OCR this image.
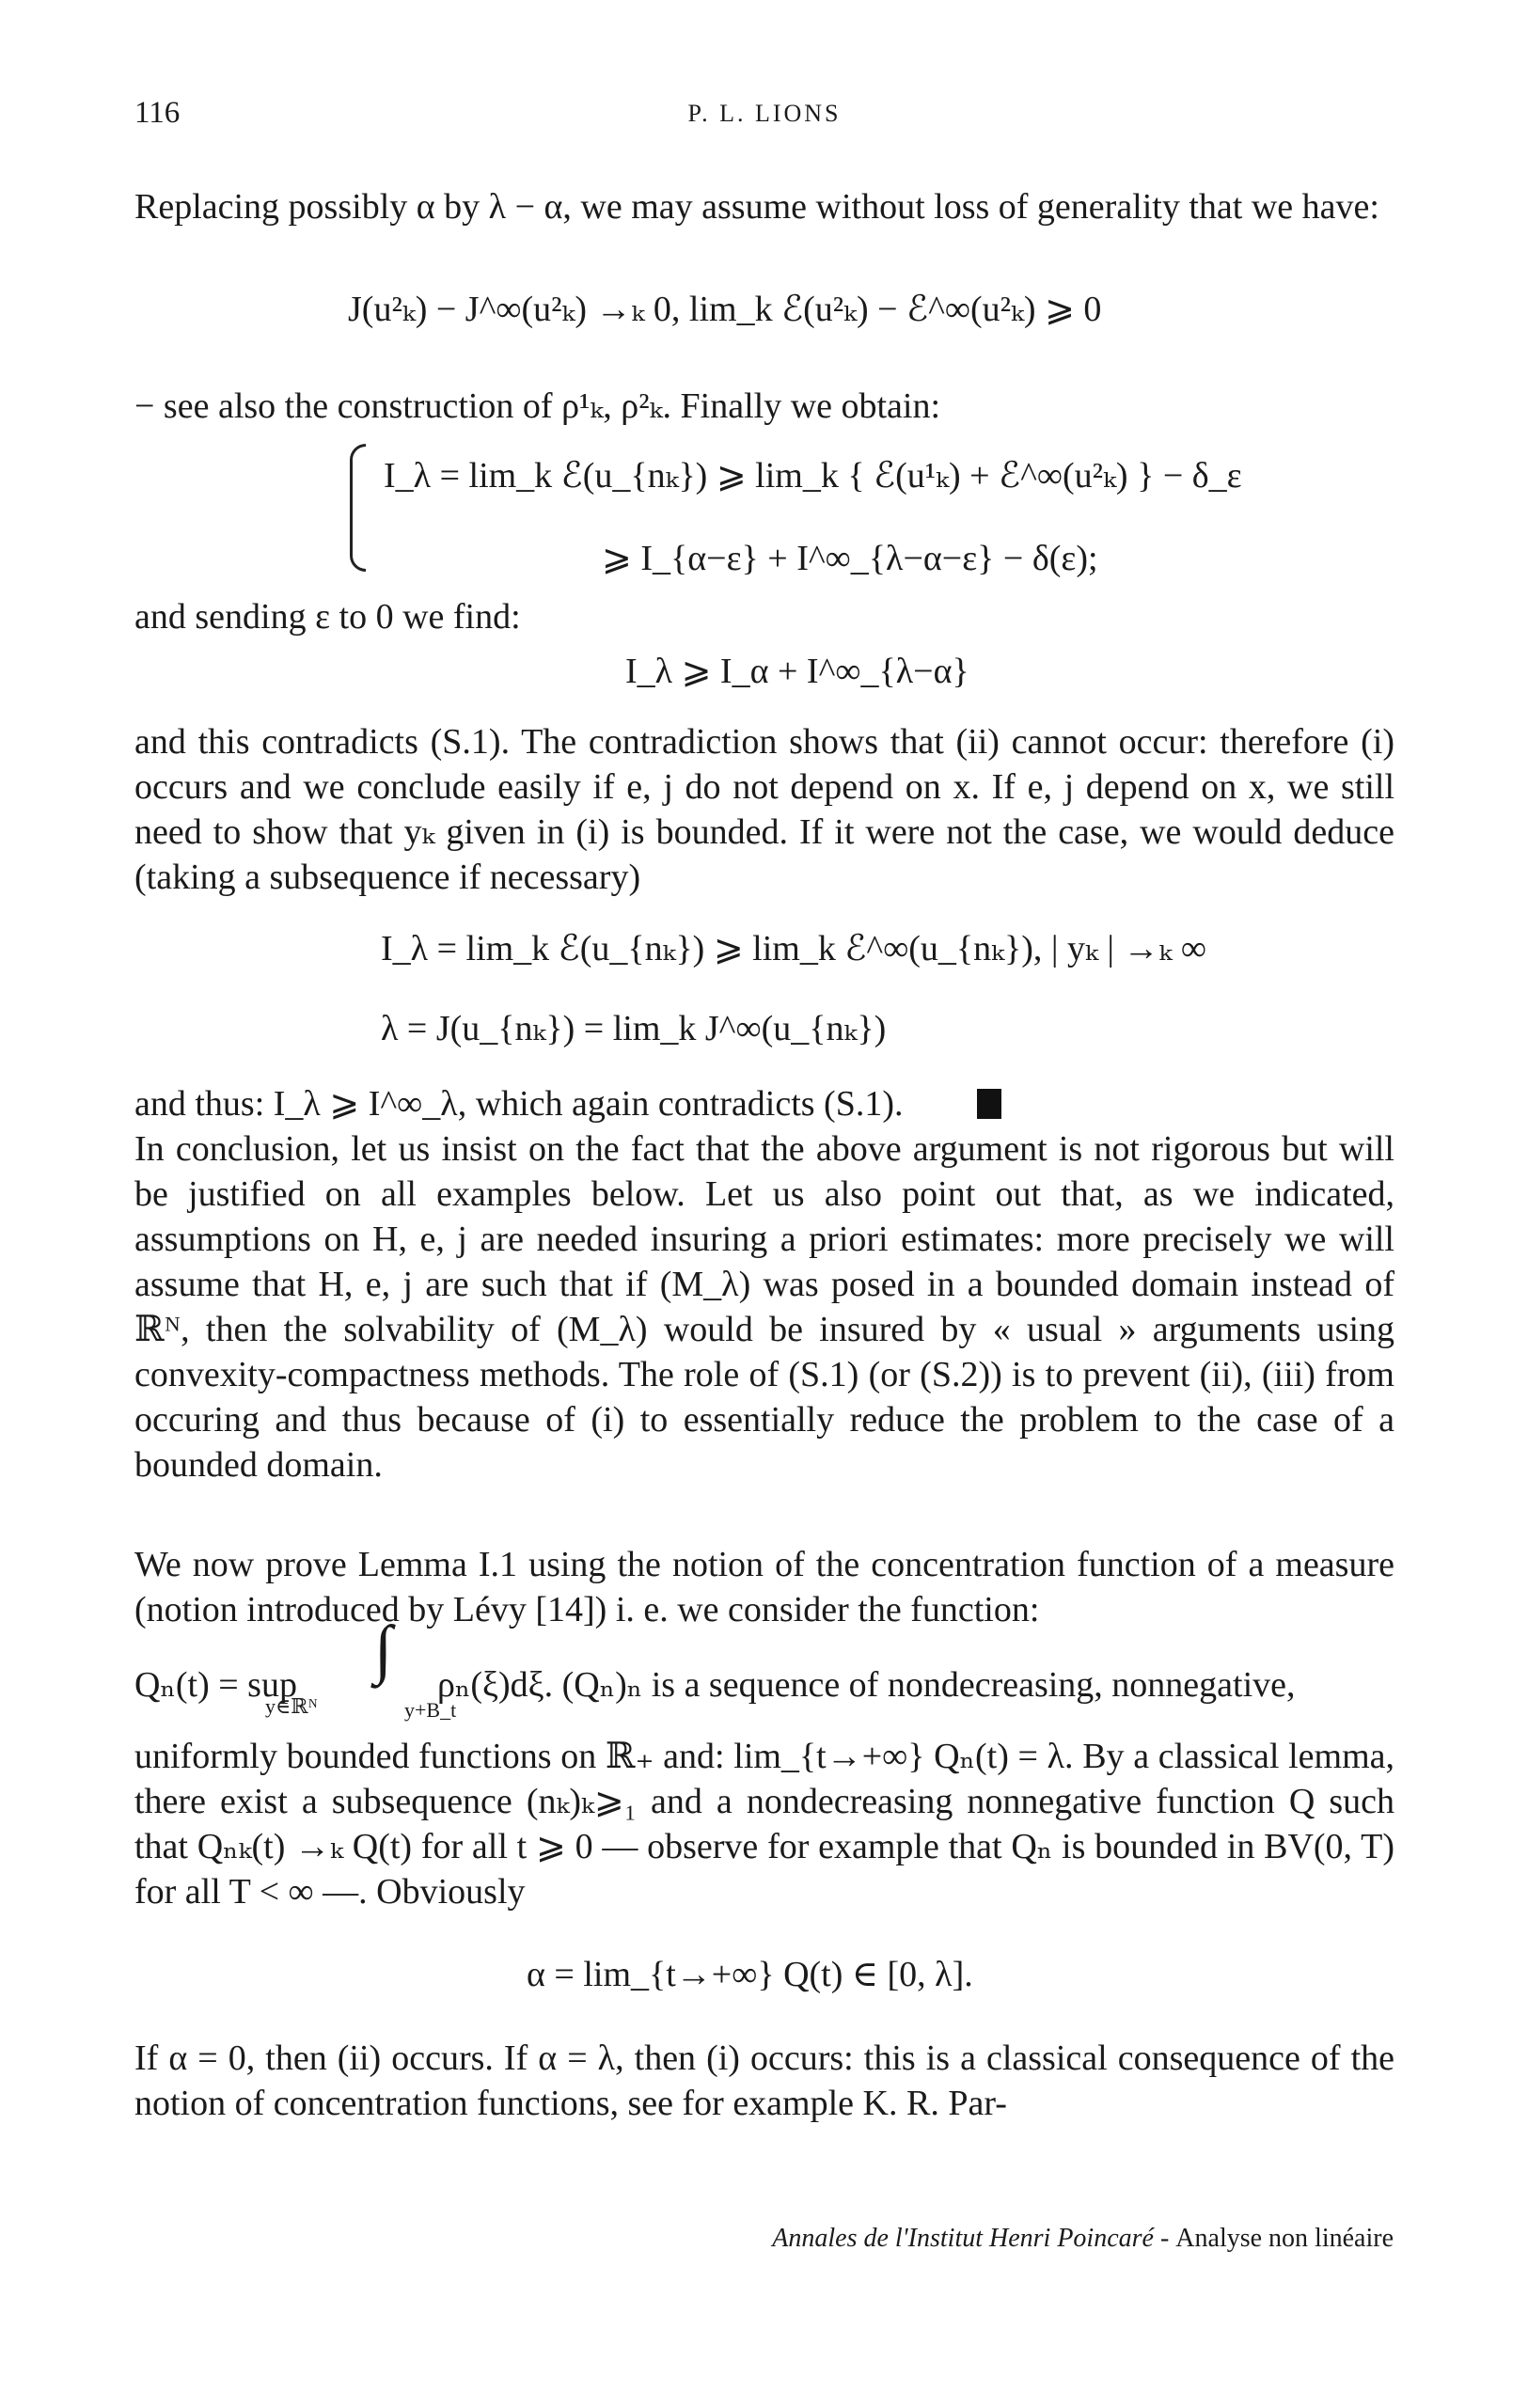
116	P. L. LIONS
Replacing possibly α by λ − α, we may assume without loss of generality that we have:
J(u²ₖ) − J^∞(u²ₖ) →ₖ 0, lim_k ℰ(u²ₖ) − ℰ^∞(u²ₖ) ⩾ 0
− see also the construction of ρ¹ₖ, ρ²ₖ. Finally we obtain:
I_λ = lim_k ℰ(u_{nₖ}) ⩾ lim_k { ℰ(u¹ₖ) + ℰ^∞(u²ₖ) } − δ_ε
⩾ I_{α−ε} + I^∞_{λ−α−ε} − δ(ε);
and sending ε to 0 we find:
I_λ ⩾ I_α + I^∞_{λ−α}
and this contradicts (S.1). The contradiction shows that (ii) cannot occur: therefore (i) occurs and we conclude easily if e, j do not depend on x. If e, j depend on x, we still need to show that yₖ given in (i) is bounded. If it were not the case, we would deduce (taking a subsequence if necessary)
I_λ = lim_k ℰ(u_{nₖ}) ⩾ lim_k ℰ^∞(u_{nₖ}), | yₖ | →ₖ ∞
λ = J(u_{nₖ}) = lim_k J^∞(u_{nₖ})
and thus: I_λ ⩾ I^∞_λ, which again contradicts (S.1).
In conclusion, let us insist on the fact that the above argument is not rigorous but will be justified on all examples below. Let us also point out that, as we indicated, assumptions on H, e, j are needed insuring a priori estimates: more precisely we will assume that H, e, j are such that if (M_λ) was posed in a bounded domain instead of ℝᴺ, then the solvability of (M_λ) would be insured by « usual » arguments using convexity-compactness methods. The role of (S.1) (or (S.2)) is to prevent (ii), (iii) from occuring and thus because of (i) to essentially reduce the problem to the case of a bounded domain.
We now prove Lemma I.1 using the notion of the concentration function of a measure (notion introduced by Lévy [14]) i. e. we consider the function:
Qₙ(t) = sup
y∈ℝᴺ
∫
y+B_t
ρₙ(ξ)dξ. (Qₙ)ₙ is a sequence of nondecreasing, nonnegative,
uniformly bounded functions on ℝ₊ and: lim_{t→+∞} Qₙ(t) = λ. By a classical lemma, there exist a subsequence (nₖ)ₖ⩾₁ and a nondecreasing nonnegative function Q such that Qₙₖ(t) →ₖ Q(t) for all t ⩾ 0 — observe for example that Qₙ is bounded in BV(0, T) for all T < ∞ —. Obviously
α = lim_{t→+∞} Q(t) ∈ [0, λ].
If α = 0, then (ii) occurs. If α = λ, then (i) occurs: this is a classical consequence of the notion of concentration functions, see for example K. R. Par-
Annales de l'Institut Henri Poincaré - Analyse non linéaire
